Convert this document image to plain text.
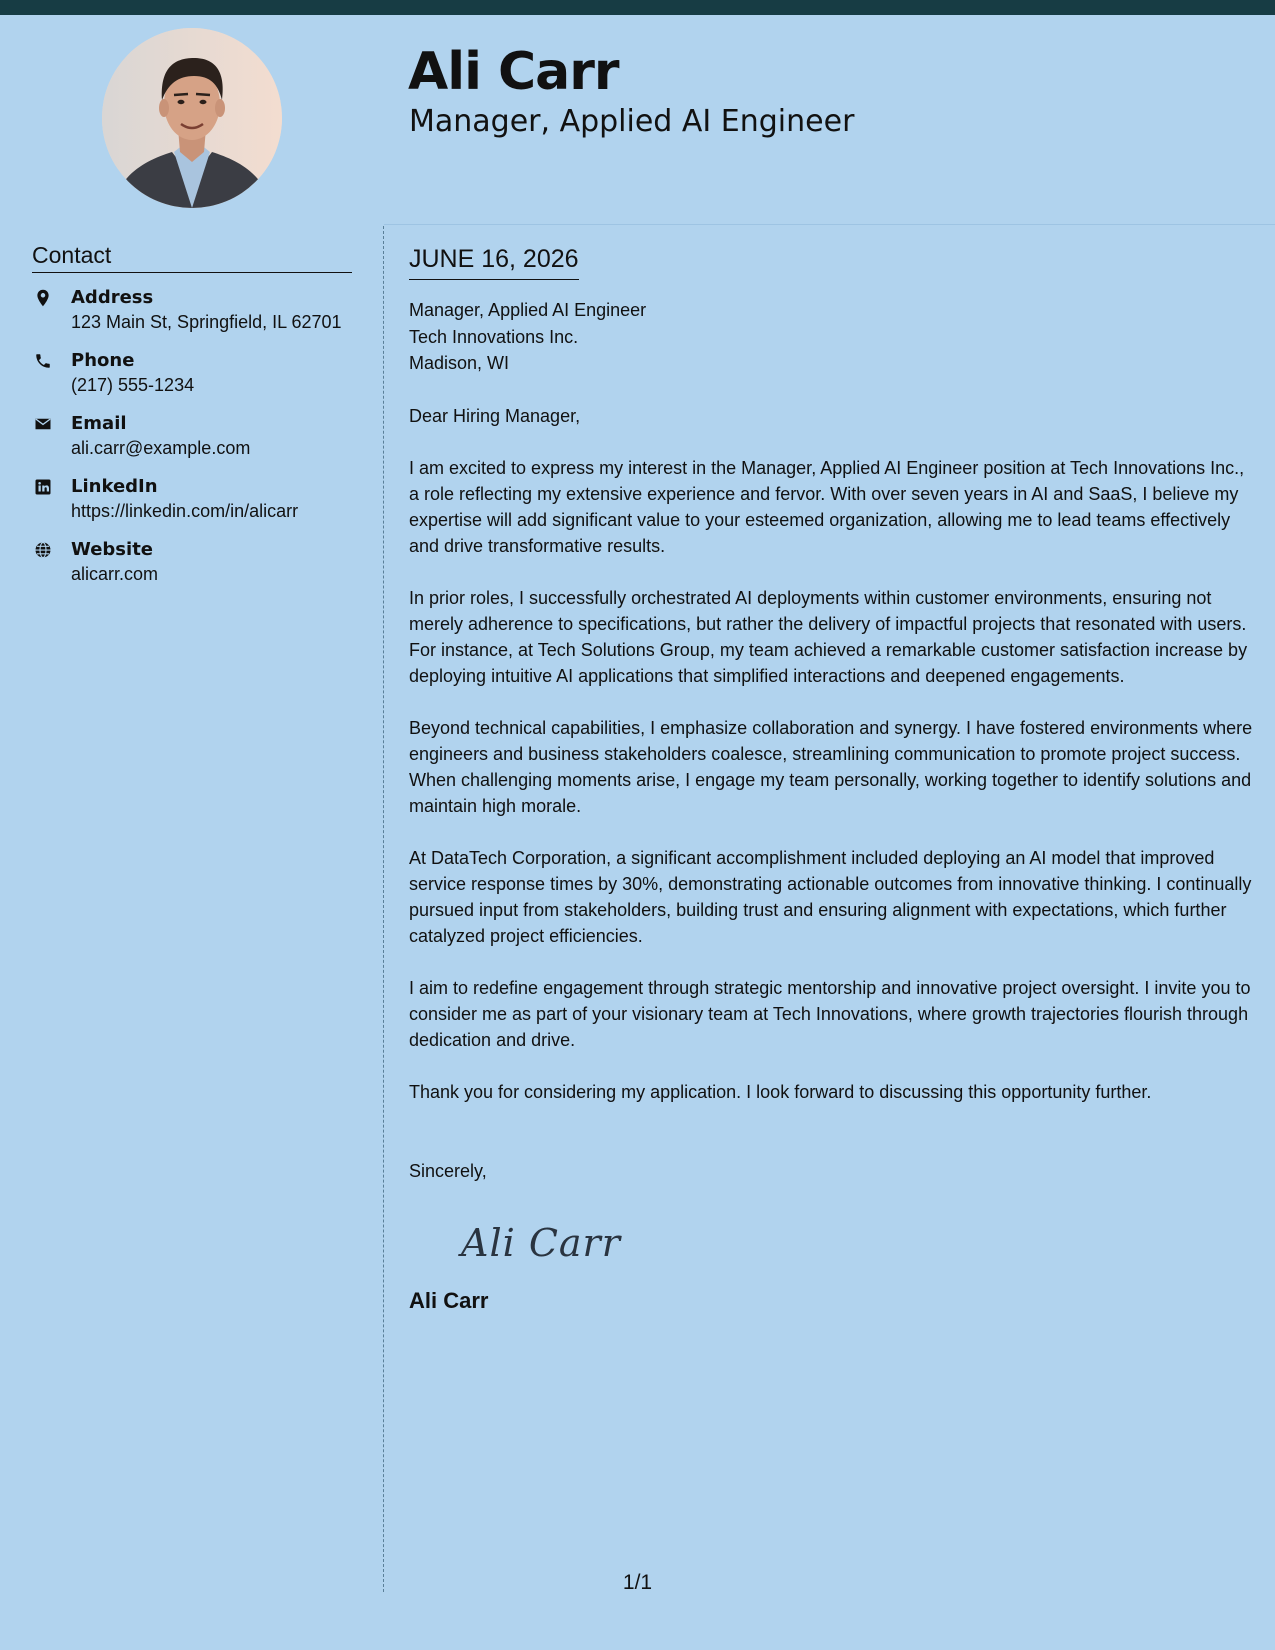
Ali Carr
Manager, Applied AI Engineer
Contact
Address
123 Main St, Springfield, IL 62701
Phone
(217) 555-1234
Email
ali.carr@example.com
LinkedIn
https://linkedin.com/in/alicarr
Website
alicarr.com
JUNE 16, 2026
Manager, Applied AI Engineer
Tech Innovations Inc.
Madison, WI

Dear Hiring Manager,

I am excited to express my interest in the Manager, Applied AI Engineer position at Tech Innovations Inc., a role reflecting my extensive experience and fervor. With over seven years in AI and SaaS, I believe my expertise will add significant value to your esteemed organization, allowing me to lead teams effectively and drive transformative results.

In prior roles, I successfully orchestrated AI deployments within customer environments, ensuring not merely adherence to specifications, but rather the delivery of impactful projects that resonated with users. For instance, at Tech Solutions Group, my team achieved a remarkable customer satisfaction increase by deploying intuitive AI applications that simplified interactions and deepened engagements.

Beyond technical capabilities, I emphasize collaboration and synergy. I have fostered environments where engineers and business stakeholders coalesce, streamlining communication to promote project success. When challenging moments arise, I engage my team personally, working together to identify solutions and maintain high morale.

At DataTech Corporation, a significant accomplishment included deploying an AI model that improved service response times by 30%, demonstrating actionable outcomes from innovative thinking. I continually pursued input from stakeholders, building trust and ensuring alignment with expectations, which further catalyzed project efficiencies.

I aim to redefine engagement through strategic mentorship and innovative project oversight. I invite you to consider me as part of your visionary team at Tech Innovations, where growth trajectories flourish through dedication and drive.

Thank you for considering my application. I look forward to discussing this opportunity further.

Sincerely,

Ali Carr
Ali Carr
1/1
